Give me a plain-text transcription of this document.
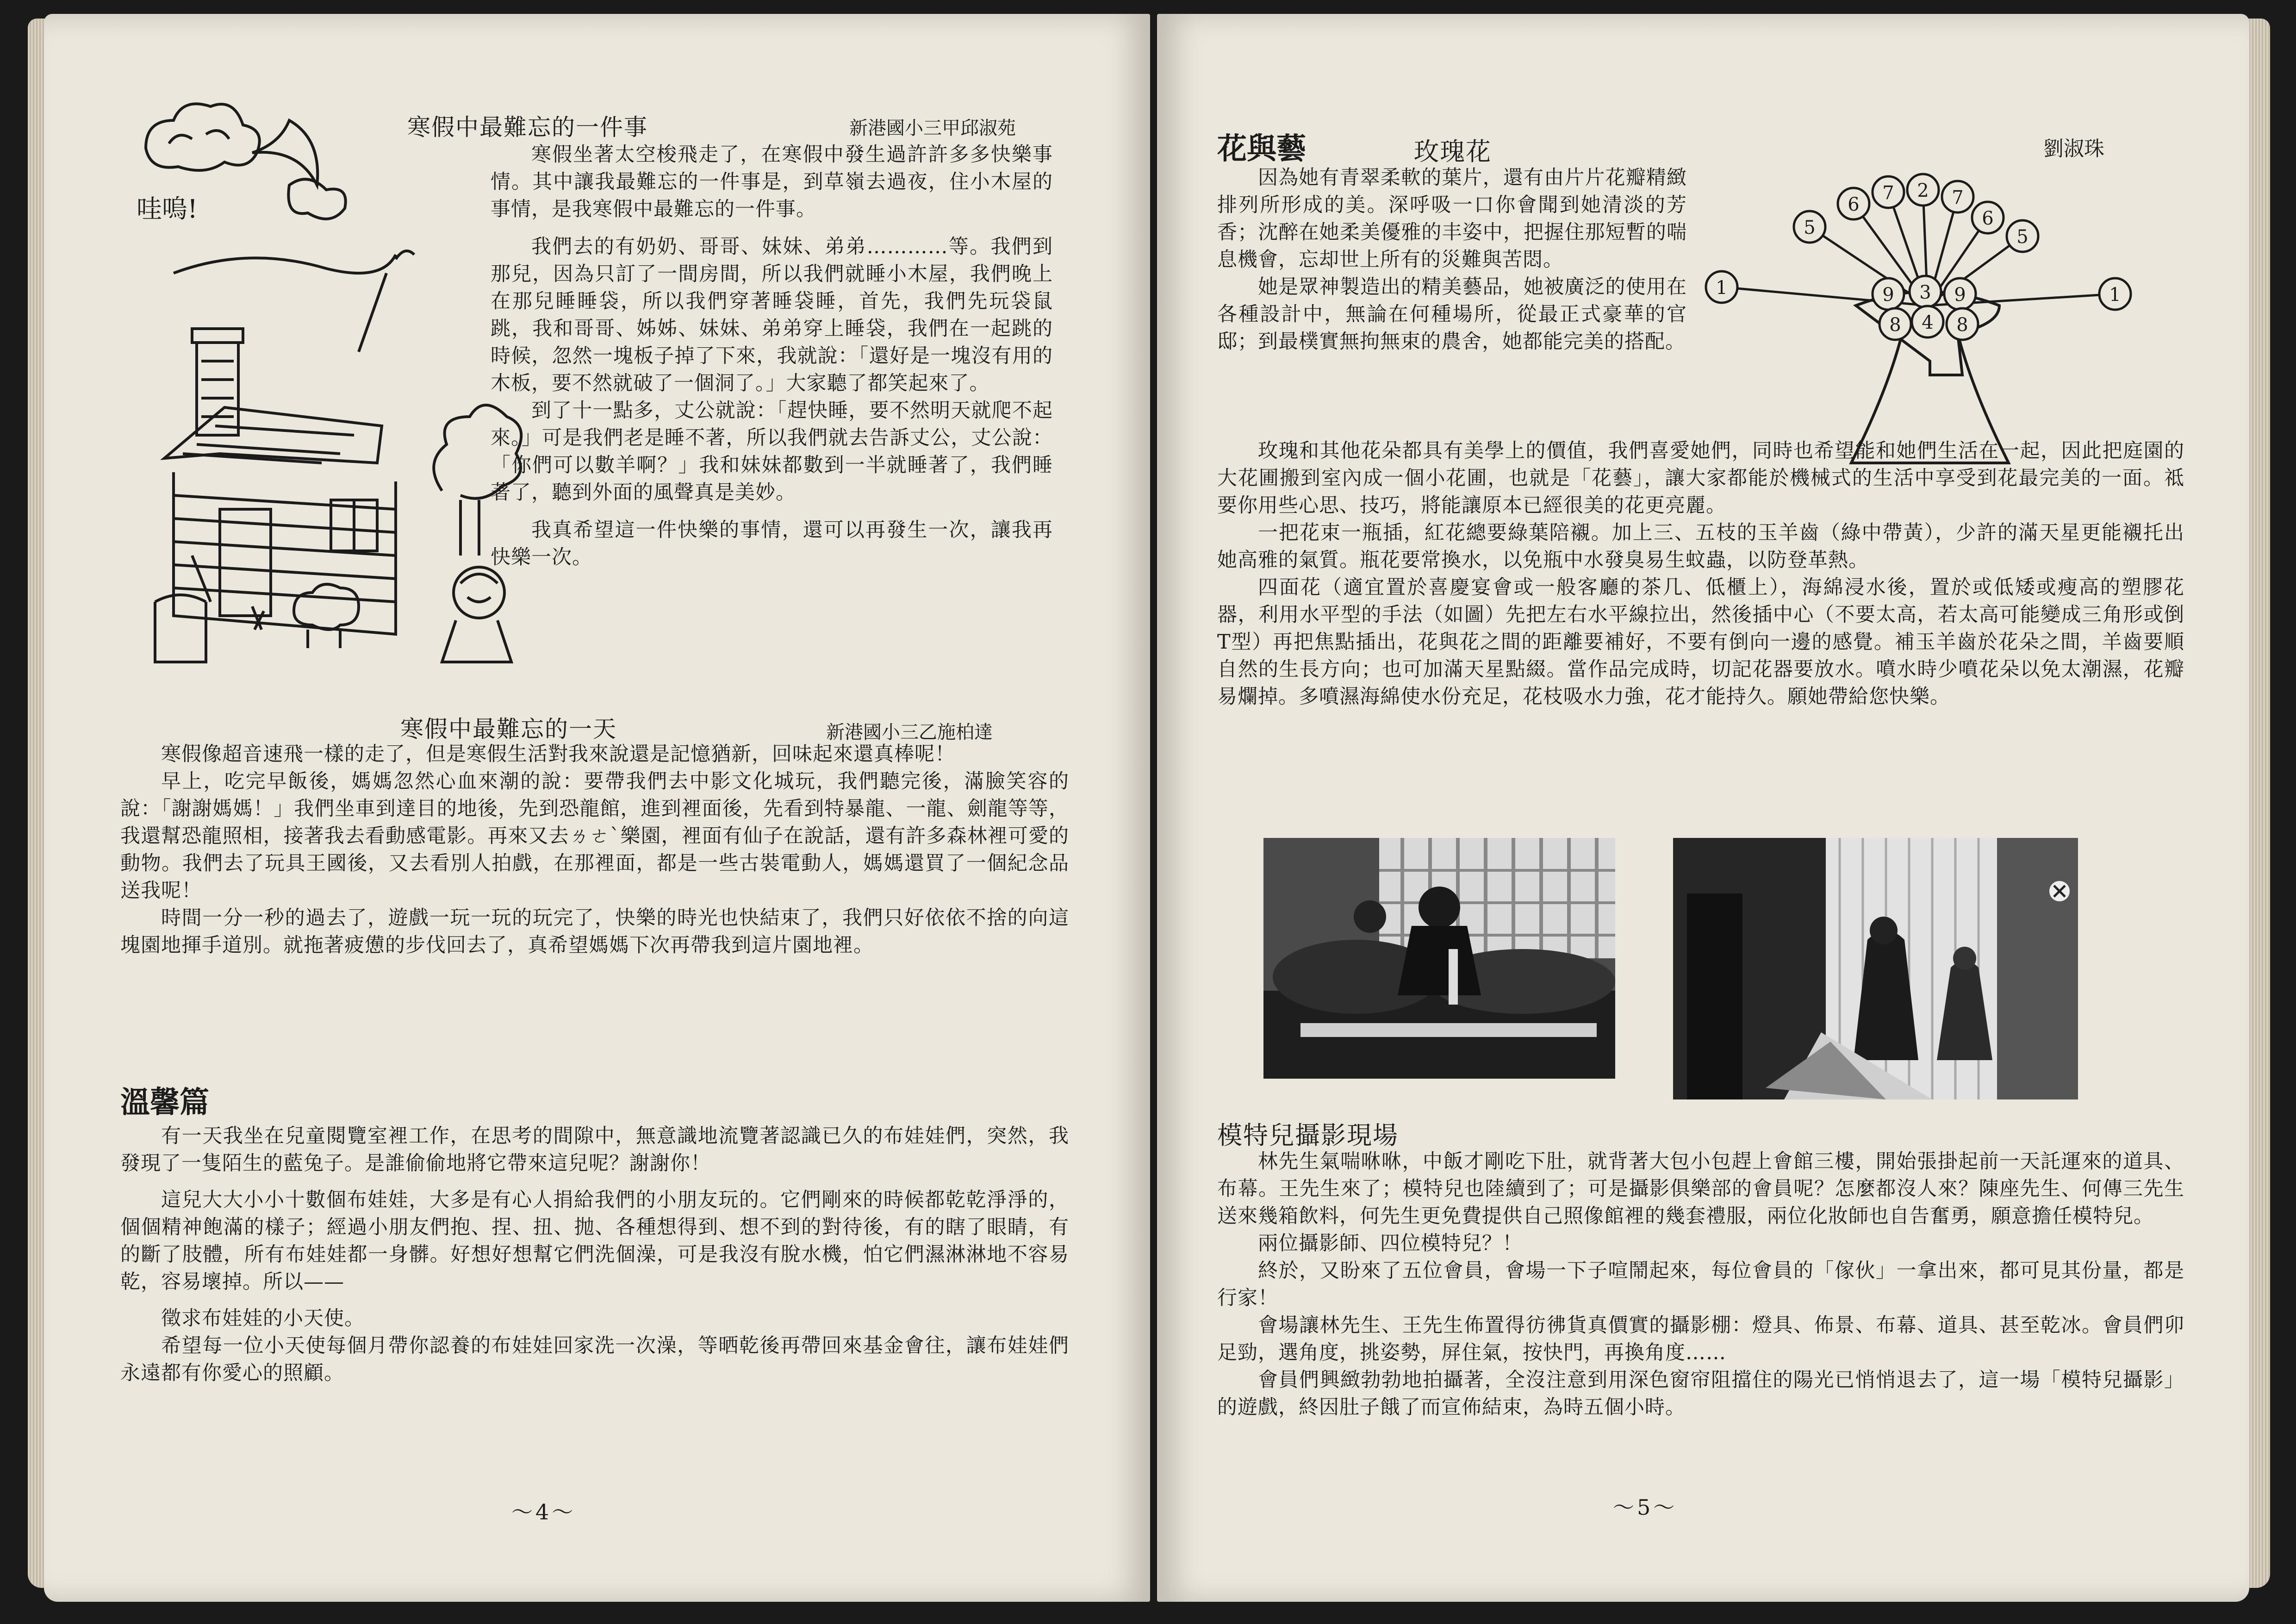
哇嗚!
寒假中最難忘的一件事	新港國小三甲邱淑苑

寒假坐著太空梭飛走了，在寒假中發生過許許多多快樂事情。其中讓我最難忘的一件事是，到草嶺去過夜，住小木屋的事情，是我寒假中最難忘的一件事。

我們去的有奶奶、哥哥、妹妹、弟弟…………等。我們到那兒，因為只訂了一間房間，所以我們就睡小木屋，我們晚上在那兒睡睡袋，所以我們穿著睡袋睡，首先，我們先玩袋鼠跳，我和哥哥、姊姊、妹妹、弟弟穿上睡袋，我們在一起跳的時候，忽然一塊板子掉了下來，我就說：「還好是一塊沒有用的木板，要不然就破了一個洞了。」大家聽了都笑起來了。

到了十一點多，丈公就說：「趕快睡，要不然明天就爬不起來。」可是我們老是睡不著，所以我們就去告訴丈公，丈公說：「你們可以數羊啊？」我和妹妹都數到一半就睡著了，我們睡著了，聽到外面的風聲真是美妙。

我真希望這一件快樂的事情，還可以再發生一次，讓我再快樂一次。

寒假中最難忘的一天	新港國小三乙施柏達

寒假像超音速飛一樣的走了，但是寒假生活對我來說還是記憶猶新，回味起來還真棒呢！

早上，吃完早飯後，媽媽忽然心血來潮的說：要帶我們去中影文化城玩，我們聽完後，滿臉笑容的說：「謝謝媽媽！」我們坐車到達目的地後，先到恐龍館，進到裡面後，先看到特暴龍、一龍、劍龍等等，我還幫恐龍照相，接著我去看動感電影。再來又去ㄌㄜˋ樂園，裡面有仙子在說話，還有許多森林裡可愛的動物。我們去了玩具王國後，又去看別人拍戲，在那裡面，都是一些古裝電動人，媽媽還買了一個紀念品送我呢！

時間一分一秒的過去了，遊戲一玩一玩的玩完了，快樂的時光也快結束了，我們只好依依不捨的向這塊園地揮手道別。就拖著疲憊的步伐回去了，真希望媽媽下次再帶我到這片園地裡。

溫馨篇

有一天我坐在兒童閱覽室裡工作，在思考的間隙中，無意識地流覽著認識已久的布娃娃們，突然，我發現了一隻陌生的藍兔子。是誰偷偷地將它帶來這兒呢？謝謝你！

這兒大大小小十數個布娃娃，大多是有心人捐給我們的小朋友玩的。它們剛來的時候都乾乾淨淨的，個個精神飽滿的樣子；經過小朋友們抱、捏、扭、抛、各種想得到、想不到的對待後，有的瞎了眼睛，有的斷了肢體，所有布娃娃都一身髒。好想好想幫它們洗個澡，可是我沒有脫水機，怕它們濕淋淋地不容易乾，容易壞掉。所以——

徵求布娃娃的小天使。

希望每一位小天使每個月帶你認養的布娃娃回家洗一次澡，等晒乾後再帶回來基金會往，讓布娃娃們永遠都有你愛心的照顧。

～4～
花與藝	玫瑰花	劉淑珠

因為她有青翠柔軟的葉片，還有由片片花瓣精緻排列所形成的美。深呼吸一口你會聞到她清淡的芳香；沈醉在她柔美優雅的丰姿中，把握住那短暫的喘息機會，忘却世上所有的災難與苦悶。

她是眾神製造出的精美藝品，她被廣泛的使用在各種設計中，無論在何種場所，從最正式豪華的官邸；到最樸實無拘無束的農舍，她都能完美的搭配。

1
5
6
7 2 7
6
5
1
9 3 9
8 4 8

玫瑰和其他花朵都具有美學上的價值，我們喜愛她們，同時也希望能和她們生活在一起，因此把庭園的大花圃搬到室內成一個小花圃，也就是「花藝」，讓大家都能於機械式的生活中享受到花最完美的一面。祗要你用些心思、技巧，將能讓原本已經很美的花更亮麗。

一把花束一瓶插，紅花總要綠葉陪襯。加上三、五枝的玉羊齒（綠中帶黃），少許的滿天星更能襯托出她高雅的氣質。瓶花要常換水，以免瓶中水發臭易生蚊蟲，以防登革熱。

四面花（適宜置於喜慶宴會或一般客廳的茶几、低櫃上），海綿浸水後，置於或低矮或瘦高的塑膠花器，利用水平型的手法（如圖）先把左右水平線拉出，然後插中心（不要太高，若太高可能變成三角形或倒T型）再把焦點插出，花與花之間的距離要補好，不要有倒向一邊的感覺。補玉羊齒於花朵之間，羊齒要順自然的生長方向；也可加滿天星點綴。當作品完成時，切記花器要放水。噴水時少噴花朵以免太潮濕，花瓣易爛掉。多噴濕海綿使水份充足，花枝吸水力強，花才能持久。願她帶給您快樂。

模特兒攝影現場

林先生氣喘咻咻，中飯才剛吃下肚，就背著大包小包趕上會館三樓，開始張掛起前一天託運來的道具、布幕。王先生來了；模特兒也陸續到了；可是攝影俱樂部的會員呢？怎麼都沒人來？陳座先生、何傳三先生送來幾箱飲料，何先生更免費提供自己照像館裡的幾套禮服，兩位化妝師也自告奮勇，願意擔任模特兒。

兩位攝影師、四位模特兒？！

終於，又盼來了五位會員，會場一下子喧鬧起來，每位會員的「傢伙」一拿出來，都可見其份量，都是行家！

會場讓林先生、王先生佈置得彷彿貨真價實的攝影棚：燈具、佈景、布幕、道具、甚至乾冰。會員們卯足勁，選角度，挑姿勢，屏住氣，按快門，再換角度……

會員們興緻勃勃地拍攝著，全沒注意到用深色窗帘阻擋住的陽光已悄悄退去了，這一場「模特兒攝影」的遊戲，終因肚子餓了而宣佈結束，為時五個小時。

～5～
